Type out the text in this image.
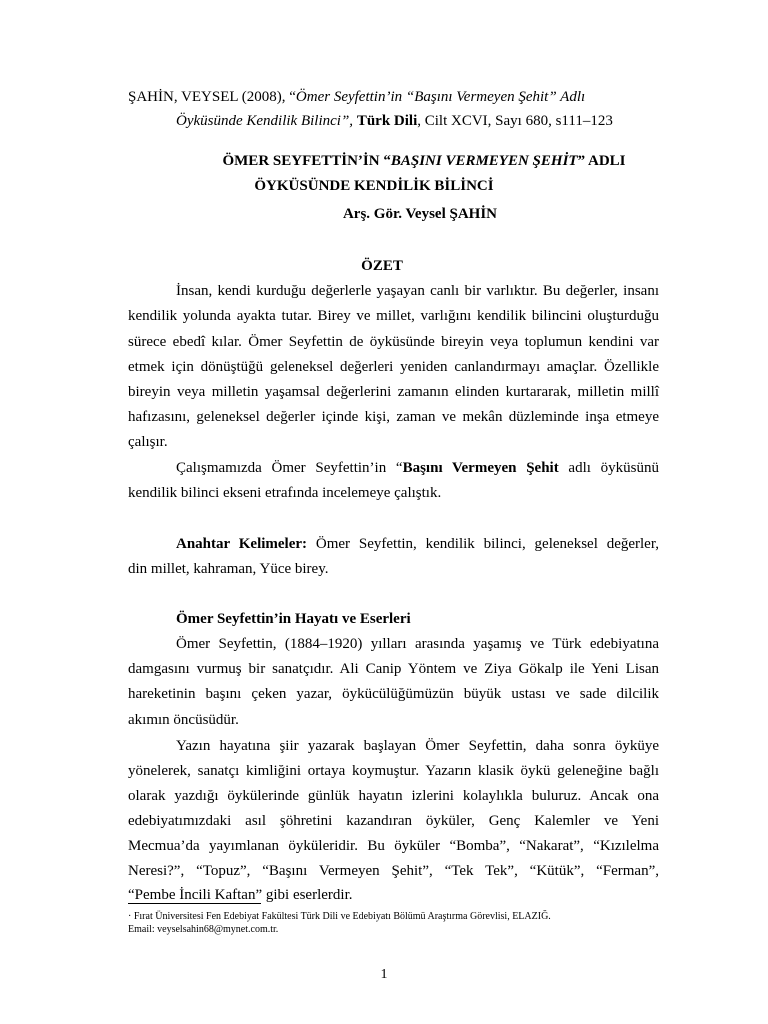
ŞAHİN, VEYSEL (2008), “Ömer Seyfettin’in “Başını Vermeyen Şehit” Adlı
Öyküsünde Kendilik Bilinci”, Türk Dili, Cilt XCVI, Sayı 680, s111–123
ÖMER SEYFETTİN’İN “BAŞINI VERMEYEN ŞEHİT” ADLI
ÖYKÜSÜNDE KENDİLİK BİLİNCİ
Arş. Gör. Veysel ŞAHİN
ÖZET
İnsan, kendi kurduğu değerlerle yaşayan canlı bir varlıktır. Bu değerler, insanı
kendilik yolunda ayakta tutar. Birey ve millet, varlığını kendilik bilincini oluşturduğu
sürece ebedî kılar. Ömer Seyfettin de öyküsünde bireyin veya toplumun kendini var
etmek için dönüştüğü geleneksel değerleri yeniden canlandırmayı amaçlar. Özellikle
bireyin veya milletin yaşamsal değerlerini zamanın elinden kurtararak, milletin millî
hafızasını, geleneksel değerler içinde kişi, zaman ve mekân düzleminde inşa etmeye
çalışır.
Çalışmamızda Ömer Seyfettin’in “Başını Vermeyen Şehit adlı öyküsünü
kendilik bilinci ekseni etrafında incelemeye çalıştık.
Anahtar Kelimeler: Ömer Seyfettin, kendilik bilinci, geleneksel değerler,
din millet, kahraman, Yüce birey.
Ömer Seyfettin’in Hayatı ve Eserleri
Ömer Seyfettin, (1884–1920) yılları arasında yaşamış ve Türk edebiyatına
damgasını vurmuş bir sanatçıdır. Ali Canip Yöntem ve Ziya Gökalp ile Yeni Lisan
hareketinin başını çeken yazar, öykücülüğümüzün büyük ustası ve sade dilcilik
akımın öncüsüdür.
Yazın hayatına şiir yazarak başlayan Ömer Seyfettin, daha sonra öyküye
yönelerek, sanatçı kimliğini ortaya koymuştur. Yazarın klasik öykü geleneğine bağlı
olarak yazdığı öykülerinde günlük hayatın izlerini kolaylıkla buluruz. Ancak ona
edebiyatımızdaki asıl şöhretini kazandıran öyküler, Genç Kalemler ve Yeni
Mecmua’da yayımlanan öyküleridir. Bu öyküler “Bomba”, “Nakarat”, “Kızılelma
Neresi?”, “Topuz”, “Başını Vermeyen Şehit”, “Tek Tek”, “Kütük”, “Ferman”,
“Pembe İncili Kaftan” gibi eserlerdir.
· Fırat Üniversitesi Fen Edebiyat Fakültesi Türk Dili ve Edebiyatı Bölümü Araştırma Görevlisi, ELAZIĞ.
Email: veyselsahin68@mynet.com.tr.
1
